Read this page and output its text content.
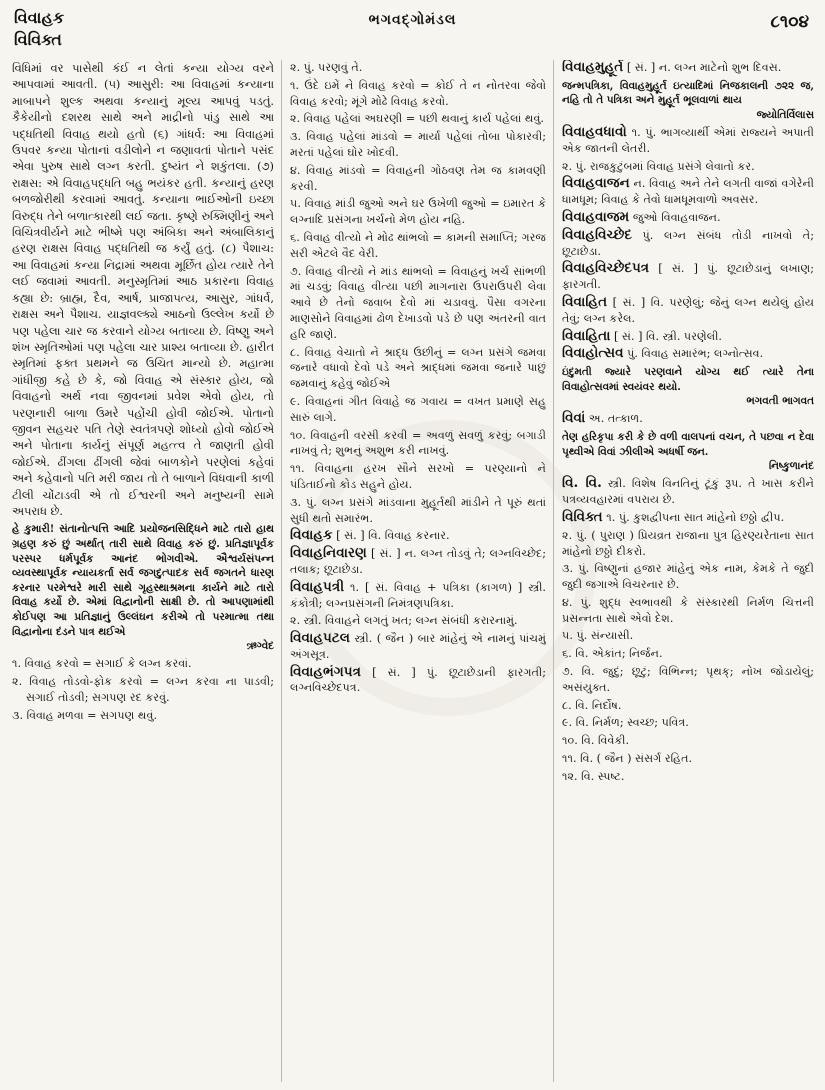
વિવાહક
વિવિક્ત
ભગવદ્ગોમંડલ	૮૧૦૪

વિધિમાં વર પાસેથી કંઈ ન લેતાં કન્યા યોગ્ય વરને આપવામાં આવતી. (૫) આસુરી: આ વિવાહમાં કન્યાના માબાપને શુલ્ક અથવા કન્યાનું મૂલ્ય આપવું પડતું. કૈકેયીનો દશરથ સાથે અને માદ્રીનો પાંડુ સાથે આ પદ્ધતિથી વિવાહ થયો હતો (૬) ગાંધર્વ: આ વિવાહમાં ઉપવર કન્યા પોતાનાં વડીલોને ન જણાવતાં પોતાને પસંદ એવા પુરુષ સાથે લગ્ન કરતી. દુષ્યંત ને શકુંતલા. (૭) રાક્ષસ: એ વિવાહપદ્ધતિ બહુ ભયંકર હતી. કન્યાનું હરણ બળજોરીથી કરવામાં આવતું. કન્યાના ભાઈઓની ઇચ્છા વિરુદ્ધ તેને બળાત્કારથી લઈ જતા. કૃષ્ણે રુક્મિણીનું અને વિચિત્રવીર્યને માટે ભીષ્મે પણ અંબિકા અને અંબાલિકાનું હરણ રાક્ષસ વિવાહ પદ્ધતિથી જ કર્યું હતું. (૮) પૈશાચ: આ વિવાહમાં કન્યા નિદ્રામાં અથવા મૂર્છિત હોય ત્યારે તેને લઈ જવામાં આવતી. મનુસ્મૃતિમાં આઠ પ્રકારના વિવાહ કહ્યા છે: બ્રાહ્મ, દૈવ, આર્ષ, પ્રાજાપત્ય, આસુર, ગાંધર્વ, રાક્ષસ અને પૈશાચ. યાજ્ઞવલ્ક્યે આઠનો ઉલ્લેખ કર્યો છે પણ પહેલા ચાર જ કરવાને યોગ્ય બતાવ્યા છે. વિષ્ણુ અને શંખ સ્મૃતિઓમાં પણ પહેલા ચાર પ્રાશ્ય બતાવ્યા છે. હારીત સ્મૃતિમાં ફક્ત પ્રથમને જ ઉચિત માન્યો છે. મહાત્મા ગાંધીજી કહે છે કે, જો વિવાહ એ સંસ્કાર હોય, જો વિવાહનો અર્થ નવા જીવનમાં પ્રવેશ એવો હોય, તો પરણનારી બાળા ઉમરે પહોંચી હોવી જોઈએ. પોતાનો જીવન સહચર પતિ તેણે સ્વતંત્રપણે શોધ્યો હોવો જોઈએ અને પોતાના કાર્યનું સંપૂર્ણ મહત્ત્વ તે જાણતી હોવી જોઈએ. ઢીંગલા ઢીંગલી જેવાં બાળકોને પરણેલાં કહેવાં અને કહેવાનો પતિ મરી જાય તો તે બાળાને વિધવાની કાળી ટીલી ચોંટાડવી એ તો ઈશ્વરની અને મનુષ્યની સામે અપરાધ છે.

હે કુમારી! સંતાનોત્પત્તિ આદિ પ્રયોજનસિદ્ધિને માટે તારો હાથ ગ્રહણ કરું છું અર્થાત્ તારી સાથે વિવાહ કરું છું. પ્રતિજ્ઞાપૂર્વક પરસ્પર ધર્મપૂર્વક આનંદ ભોગવીએ. ઐશ્વર્યસંપન્ન વ્યવસ્થાપૂર્વક ન્યાયકર્તા સર્વ જગદુત્પાદક સર્વ જગતને ધારણ કરનાર પરમેશ્વરે મારી સાથે ગૃહસ્થાશ્રમના કાર્યને માટે તારો વિવાહ કર્યો છે. એમાં વિદ્વાનોની સાક્ષી છે. તો આપણામાંથી કોઈપણ આ પ્રતિજ્ઞાનું ઉલ્લંઘન કરીએ તો પરમાત્મા તથા વિદ્વાનોના દંડને પાત્ર થઈએ

ઋગ્વેદ

૧. વિવાહ કરવો = સગાઈ કે લગ્ન કરવાં.

૨. વિવાહ તોડવો-ફોક કરવો = લગ્ન કરવા ના પાડવી; સગાઈ તોડવી; સગપણ રદ કરવું.

૩. વિવાહ મળવા = સગપણ થવું.

૨. પું. પરણવું તે.

૧. ઉંદે ઇમેં ને વિવાહ કરવો = કોઈ તે ન નોતરવા જેવો વિવાહ કરવો; મૂંગે મોઢે વિવાહ કરવો.

૨. વિવાહ પહેલાં અઘરણી = પછી થવાનું કાર્ય પહેલાં થવું.

૩. વિવાહ પહેલાં માંડવો = માર્યા પહેલાં તોબા પોકારવી; મરતાં પહેલાં ઘોર ખોદવી.

૪. વિવાહ માંડવો = વિવાહની ગોઠવણ તેમ જ કામવણી કરવી.

૫. વિવાહ માંડી જુઓ અને ઘર ઉખેળી જુઓ = ઇમારત કે લગ્નાદિ પ્રસંગના ખર્ચનો મેળ હોય નહિ.

૬. વિવાહ વીત્યો ને મોઢ થાંભલો = કામની સમાપ્તિ; ગરજ સરી એટલે વૈદ વેરી.

૭. વિવાહ વીત્યો ને માંડ થાંભલો = વિવાહનું ખર્ચ સાંભળી માં ચડવું; વિવાહ વીત્યા પછી માગનારા ઉપરાઉપરી લેવા આવે છે તેનો જવાબ દેવો માં ચડાવવું. પૈસા વગરના માણસોને વિવાહમાં ઢોળ દેખાડવો પડે છે પણ અંતરની વાત હરિ જાણે.

૮. વિવાહ વેચાતો ને શ્રાદ્ધ ઉછીનું = લગ્ન પ્રસંગે જમવા જનારે વધાવો દેવો પડે અને શ્રાદ્ધમાં જમવા જનારે પાછું જમવાનું કહેવું જોઈએ

૯. વિવાહનાં ગીત વિવાહે જ ગવાય = વખત પ્રમાણે સહુ સારું લાગે.

૧૦. વિવાહની વરસી કરવી = અવળું સવળું કરવું; બગાડી નાખવું તે; શુભનું અશુભ કરી નાખવું.

૧૧. વિવાહના હરખ સૌને સરખો = પરણ્યાનો ને પંડિતાઈનો કોડ સહુને હોય.

૩. પું. લગ્ન પ્રસંગે માંડવાના મુહૂર્તથી માંડીને તે પૂરું થતાં સુધી થતો સમારંભ.

વિવાહક [ સં. ] વિ. વિવાહ કરનાર.

વિવાહનિવારણ [ સં. ] ન. લગ્ન તોડવું તે; લગ્નવિચ્છેદ; તલાક; છૂટાછેડા.

વિવાહપત્રી ૧. [ સં. વિવાહ + પત્રિકા (કાગળ) ] સ્ત્રી. કંકોત્રી; લગ્નપ્રસંગની નિમંત્રણપત્રિકા.

૨. સ્ત્રી. વિવાહને લગતું ખત; લગ્ન સંબંધી કરારનામું.

વિવાહપટલ સ્ત્રી. ( જૈન ) બાર માંહેનું એ નામનું પાંચમું અંગસૂત્ર.

વિવાહભંગપત્ર [ સં. ] પું. છૂટાછેડાની ફારગતી; લગ્નવિચ્છેદપત્ર.

વિવાહમુહૂર્ત [ સં. ] ન. લગ્ન માટેનો શુભ દિવસ.

જન્મપત્રિકા, વિવાહમુહૂર્ત ઇત્યાદિમાં નિજકાલની ૭૨૨ જ, નહિ તો તે પત્રિકા અને મુહૂર્ત ભૂલવાળાં થાય

જ્યોતિર્વિલાસ

વિવાહવધાવો ૧. પું. ભાગવ્યાર્થી એમાં રાજ્યને અપાતી એક જાતની લેતરી.

૨. પું. રાજકુટુંબમાં વિવાહ પ્રસંગે લેવાતો કર.

વિવાહવાજન ન. વિવાહ અને તેને લગતી વાજાં વગેરેની ધામધૂમ; વિવાહ કે તેવો ધામધૂમવાળો અવસર.

વિવાહવાજમ જુઓ વિવાહવાજન.

વિવાહવિચ્છેદ પું. લગ્ન સંબંધ તોડી નાખવો તે; છૂટાછેડા.

વિવાહવિચ્છેદપત્ર [ સં. ] પું. છૂટાછેડાનું લખાણ; ફારગતી.

વિવાહિત [ સં. ] વિ. પરણેલું; જેનું લગ્ન થયેલું હોય તેવું; લગ્ન કરેલ.

વિવાહિતા [ સં. ] વિ. સ્ત્રી. પરણેલી.

વિવાહોત્સવ પું. વિવાહ સમારંભ; લગ્નોત્સવ.

ઇંદુમતી જ્યારે પરણવાને યોગ્ય થઈ ત્યારે તેના વિવાહોત્સવમાં સ્વયંવર થયો.

ભગવતી ભાગવત

વિવાં અ. તત્કાળ.

તેણ હરિકૃપા કરી કે છે વળી વાલપનાં વચન, તે પછવા ન દેવા પૃથ્વીએ વિવાં ઝીલીએ અધર્ષી જન.

નિષ્કુળાનંદ

વિ. વિ. સ્ત્રી. વિશેષ વિનતિનું ટૂંકું રૂપ. તે ખાસ કરીને પત્રવ્યવહારમાં વપરાય છે.

વિવિક્ત ૧. પું. કુશદ્વીપના સાત માંહેનો છઠ્ઠો દ્વીપ.

૨. પું. ( પુરાણ ) પ્રિયવ્રત રાજાના પુત્ર હિરણ્યરેતાના સાત માંહેનો છઠ્ઠો દીકરો.

૩. પું. વિષ્ણુનાં હજાર માંહેનું એક નામ, કેમકે તે જુદી જુદી જગાએ વિચરનાર છે.

૪. પું. શુદ્ધ સ્વભાવથી કે સંસ્કારથી નિર્મળ ચિત્તની પ્રસન્નતા સાથે એવો દેશ.

૫. પું. સંન્યાસી.

૬. વિ. એકાંત; નિર્જન.

૭. વિ. જુદું; છૂટું; વિભિન્ન; પૃથક્; નોખ જોડાયેલું; અસંયુક્ત.

૮. વિ. નિર્દોષ.

૯. વિ. નિર્મળ; સ્વચ્છ; પવિત્ર.

૧૦. વિ. વિવેકી.

૧૧. વિ. ( જૈન ) સંસર્ગ રહિત.

૧૨. વિ. સ્પષ્ટ.
